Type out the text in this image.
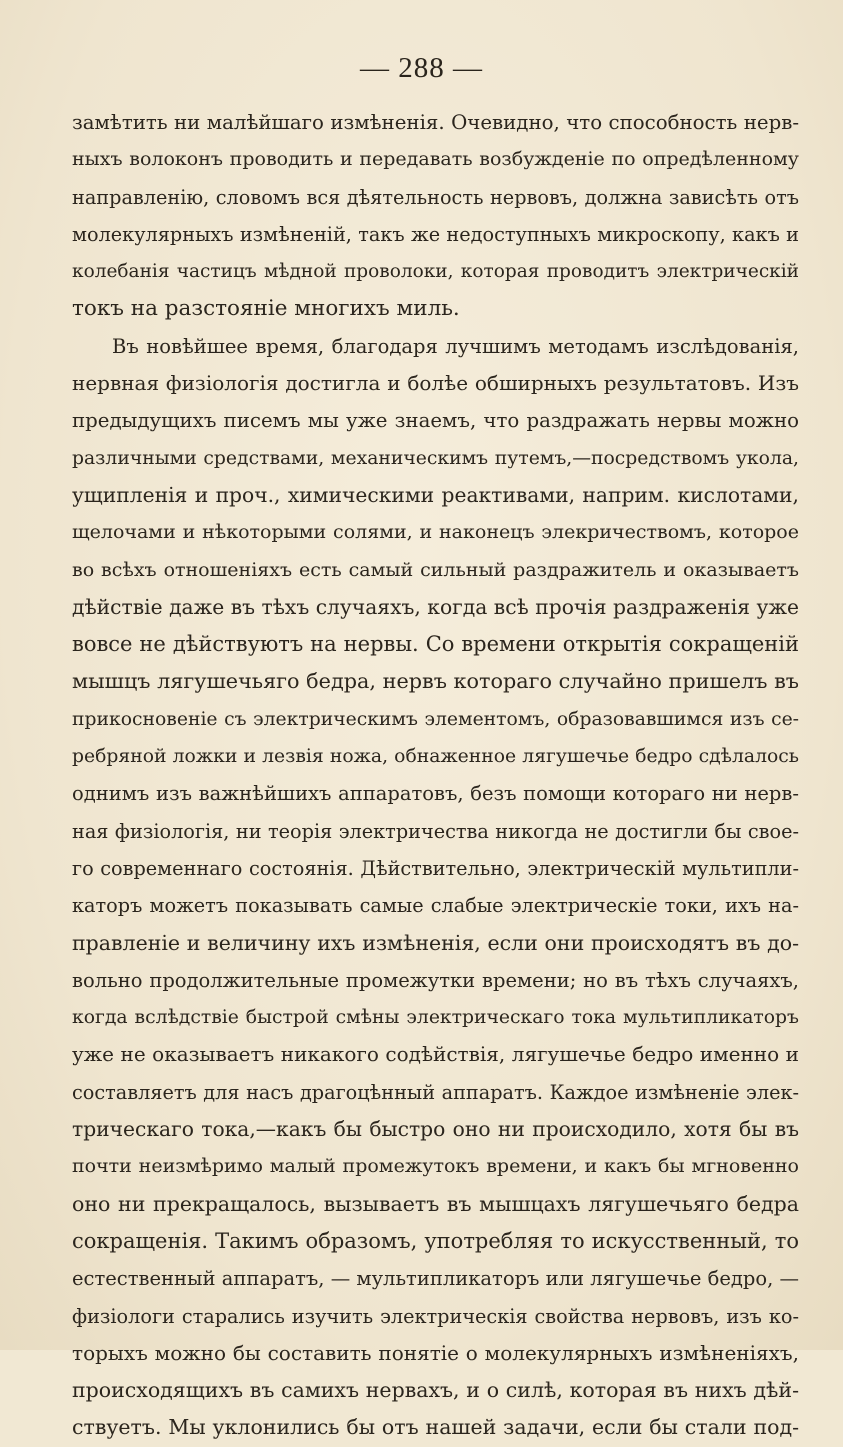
— 288 —
замѣтить ни малѣйшаго измѣненія. Очевидно, что способность нерв-
ныхъ волоконъ проводить и передавать возбужденіе по опредѣленному
направленію, словомъ вся дѣятельность нервовъ, должна зависѣть отъ
молекулярныхъ измѣненій, такъ же недоступныхъ микроскопу, какъ и
колебанія частицъ мѣдной проволоки, которая проводитъ электрическій
токъ на разстояніе многихъ миль.
Въ новѣйшее время, благодаря лучшимъ методамъ изслѣдованія,
нервная физіологія достигла и болѣе обширныхъ результатовъ. Изъ
предыдущихъ писемъ мы уже знаемъ, что раздражать нервы можно
различными средствами, механическимъ путемъ,—посредствомъ укола,
ущипленія и проч., химическими реактивами, наприм. кислотами,
щелочами и нѣкоторыми солями, и наконецъ элекричествомъ, которое
во всѣхъ отношеніяхъ есть самый сильный раздражитель и оказываетъ
дѣйствіе даже въ тѣхъ случаяхъ, когда всѣ прочія раздраженія уже
вовсе не дѣйствуютъ на нервы. Со времени открытія сокращеній
мышцъ лягушечьяго бедра, нервъ котораго случайно пришелъ въ
прикосновеніе съ электрическимъ элементомъ, образовавшимся изъ се-
ребряной ложки и лезвія ножа, обнаженное лягушечье бедро сдѣлалось
однимъ изъ важнѣйшихъ аппаратовъ, безъ помощи котораго ни нерв-
ная физіологія, ни теорія электричества никогда не достигли бы свое-
го современнаго состоянія. Дѣйствительно, электрическій мультипли-
каторъ можетъ показывать самые слабые электрическіе токи, ихъ на-
правленіе и величину ихъ измѣненія, если они происходятъ въ до-
вольно продолжительные промежутки времени; но въ тѣхъ случаяхъ,
когда вслѣдствіе быстрой смѣны электрическаго тока мультипликаторъ
уже не оказываетъ никакого содѣйствія, лягушечье бедро именно и
составляетъ для насъ драгоцѣнный аппаратъ. Каждое измѣненіе элек-
трическаго тока,—какъ бы быстро оно ни происходило, хотя бы въ
почти неизмѣримо малый промежутокъ времени, и какъ бы мгновенно
оно ни прекращалось, вызываетъ въ мышцахъ лягушечьяго бедра
сокращенія. Такимъ образомъ, употребляя то искусственный, то
естественный аппаратъ, — мультипликаторъ или лягушечье бедро, —
физіологи старались изучить электрическія свойства нервовъ, изъ ко-
торыхъ можно бы составить понятіе о молекулярныхъ измѣненіяхъ,
происходящихъ въ самихъ нервахъ, и о силѣ, которая въ нихъ дѣй-
ствуетъ. Мы уклонились бы отъ нашей задачи, если бы стали под-
